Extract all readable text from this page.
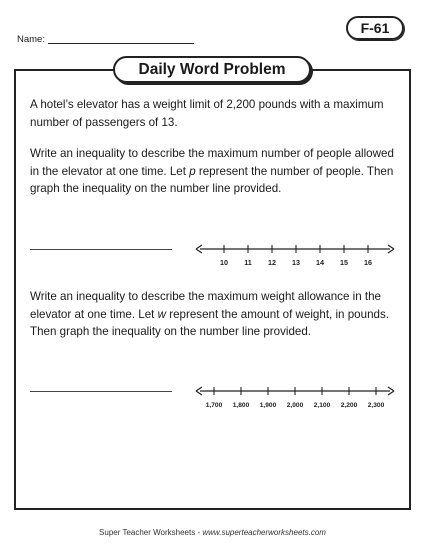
Name:
F-61
Daily Word Problem

A hotel’s elevator has a weight limit of 2,200 pounds with a maximum number of passengers of 13.

Write an inequality to describe the maximum number of people allowed in the elevator at one time. Let p represent the number of people. Then graph the inequality on the number line provided.

10 11 12 13 14 15 16

Write an inequality to describe the maximum weight allowance in the elevator at one time. Let w represent the amount of weight, in pounds. Then graph the inequality on the number line provided.

1,700 1,800 1,900 2,000 2,100 2,200 2,300
Super Teacher Worksheets - www.superteacherworksheets.com
